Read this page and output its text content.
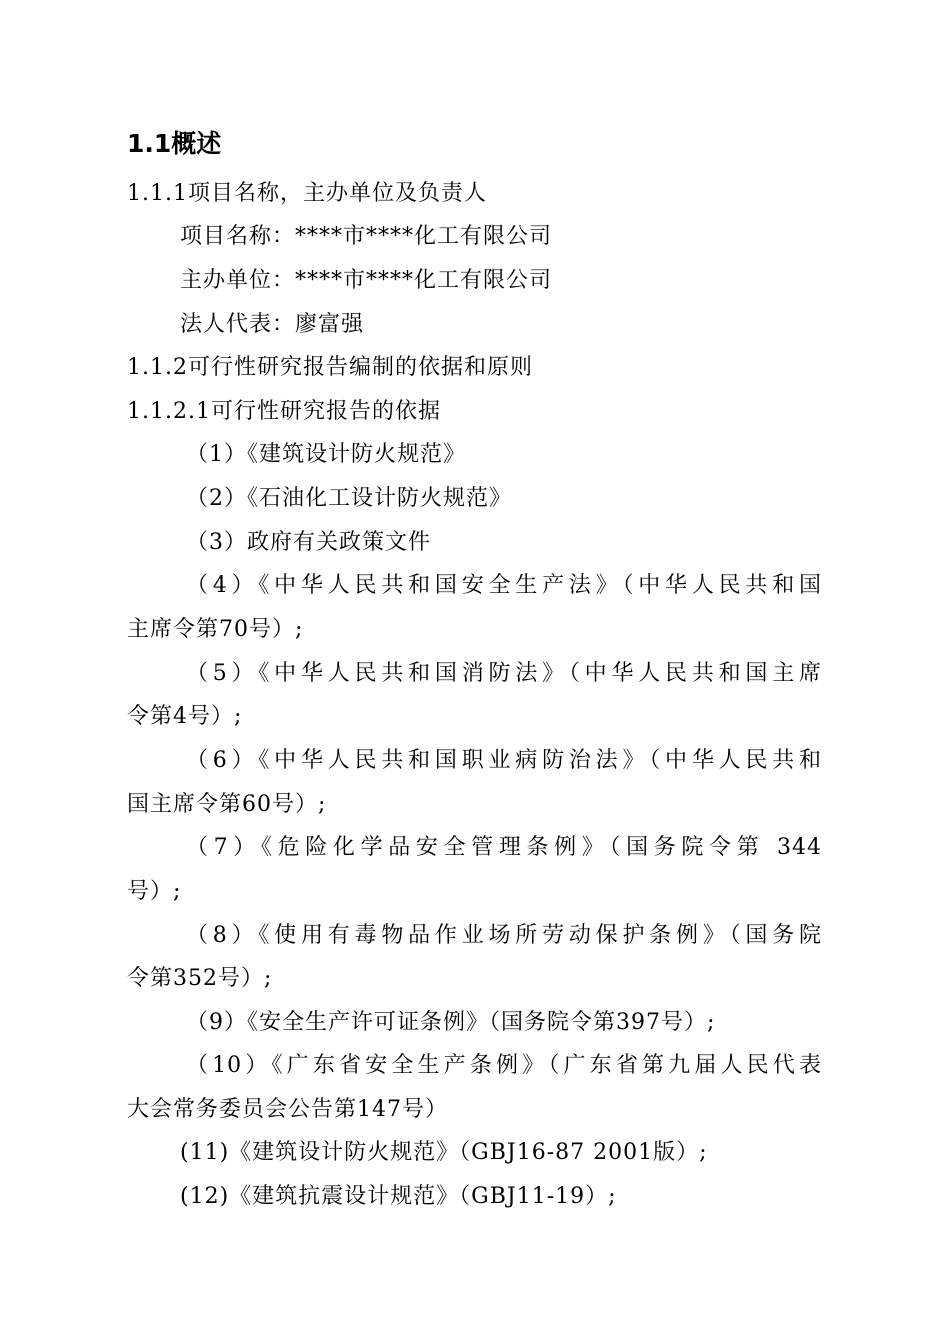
1.1概述
1.1.1项目名称，主办单位及负责人
项目名称：****市****化工有限公司
主办单位：****市****化工有限公司
法人代表：廖富强
1.1.2可行性研究报告编制的依据和原则
1.1.2.1可行性研究报告的依据
（1）《建筑设计防火规范》
（2）《石油化工设计防火规范》
（3）政府有关政策文件
（4）《中华人民共和国安全生产法》（中华人民共和国
主席令第70号）;
（5）《中华人民共和国消防法》（中华人民共和国主席
令第4号）;
（6）《中华人民共和国职业病防治法》（中华人民共和
国主席令第60号）;
（7）《危险化学品安全管理条例》（国务院令第 344
号）;
（8）《使用有毒物品作业场所劳动保护条例》（国务院
令第352号）;
（9）《安全生产许可证条例》（国务院令第397号）;
（10）《广东省安全生产条例》（广东省第九届人民代表
大会常务委员会公告第147号）
(11)《建筑设计防火规范》（GBJ16-87 2001版）;
(12)《建筑抗震设计规范》（GBJ11-19）;
